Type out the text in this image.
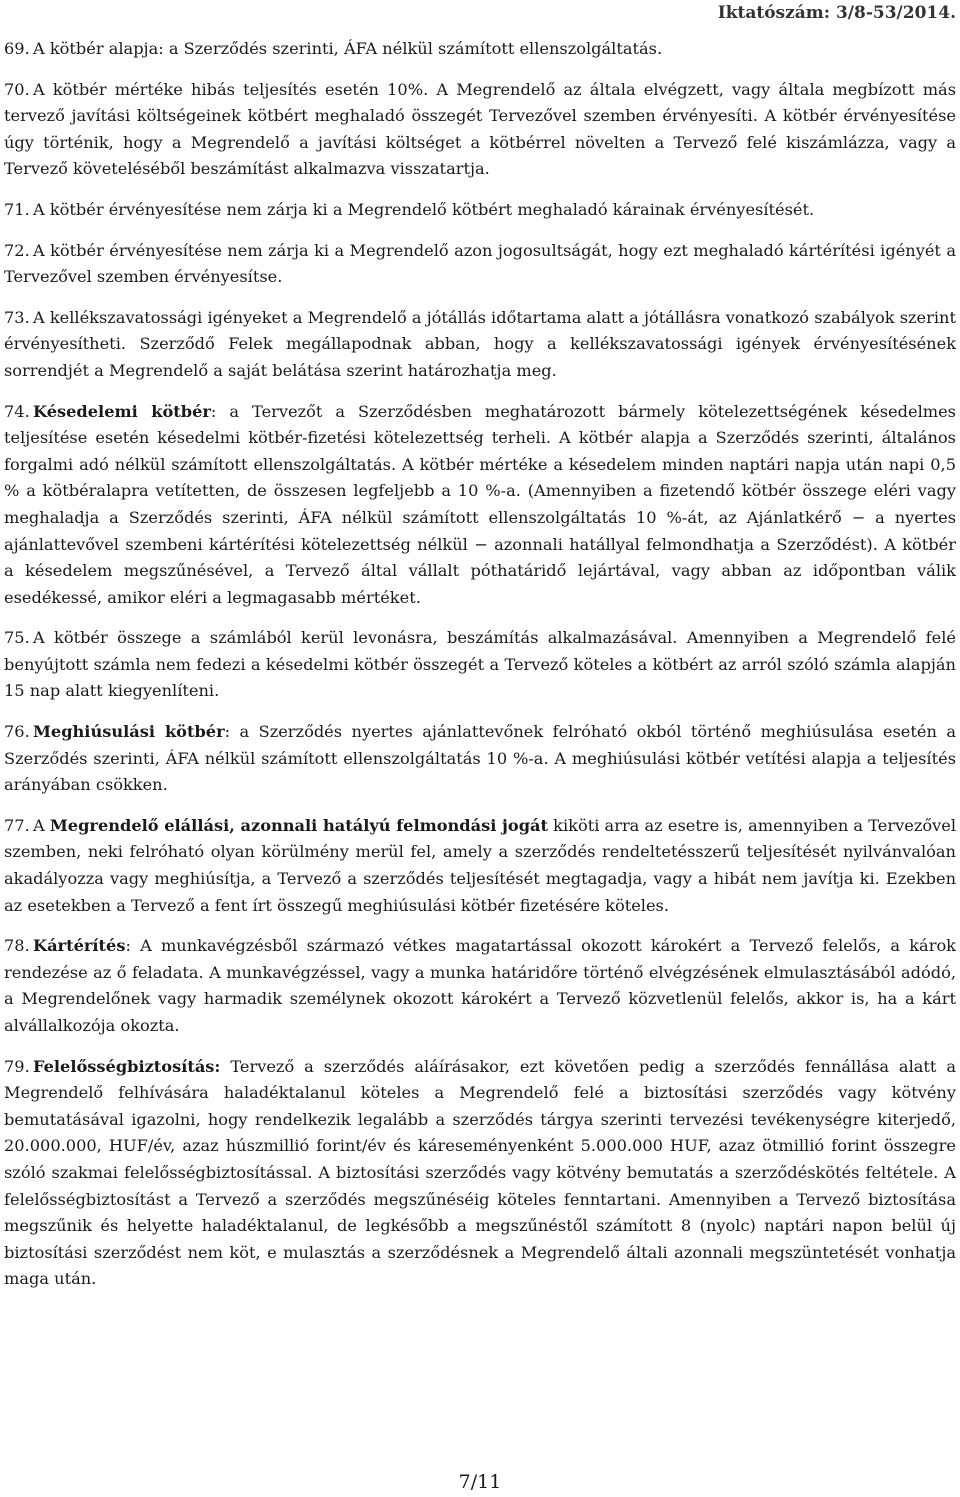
Iktatószám: 3/8-53/2014.

69. A kötbér alapja: a Szerződés szerinti, ÁFA nélkül számított ellenszolgáltatás.

70. A kötbér mértéke hibás teljesítés esetén 10%. A Megrendelő az általa elvégzett, vagy általa megbízott más tervező javítási költségeinek kötbért meghaladó összegét Tervezővel szemben érvényesíti. A kötbér érvényesítése úgy történik, hogy a Megrendelő a javítási költséget a kötbérrel növelten a Tervező felé kiszámlázza, vagy a Tervező követeléséből beszámítást alkalmazva visszatartja.

71. A kötbér érvényesítése nem zárja ki a Megrendelő kötbért meghaladó kárainak érvényesítését.

72. A kötbér érvényesítése nem zárja ki a Megrendelő azon jogosultságát, hogy ezt meghaladó kártérítési igényét a Tervezővel szemben érvényesítse.

73. A kellékszavatossági igényeket a Megrendelő a jótállás időtartama alatt a jótállásra vonatkozó szabályok szerint érvényesítheti. Szerződő Felek megállapodnak abban, hogy a kellékszavatossági igények érvényesítésének sorrendjét a Megrendelő a saját belátása szerint határozhatja meg.

74. Késedelemi kötbér: a Tervezőt a Szerződésben meghatározott bármely kötelezettségének késedelmes teljesítése esetén késedelmi kötbér-fizetési kötelezettség terheli. A kötbér alapja a Szerződés szerinti, általános forgalmi adó nélkül számított ellenszolgáltatás. A kötbér mértéke a késedelem minden naptári napja után napi 0,5 % a kötbéralapra vetítetten, de összesen legfeljebb a 10 %-a. (Amennyiben a fizetendő kötbér összege eléri vagy meghaladja a Szerződés szerinti, ÁFA nélkül számított ellenszolgáltatás 10 %-át, az Ajánlatkérő − a nyertes ajánlattevővel szembeni kártérítési kötelezettség nélkül − azonnali hatállyal felmondhatja a Szerződést). A kötbér a késedelem megszűnésével, a Tervező által vállalt póthatáridő lejártával, vagy abban az időpontban válik esedékessé, amikor eléri a legmagasabb mértéket.

75. A kötbér összege a számlából kerül levonásra, beszámítás alkalmazásával. Amennyiben a Megrendelő felé benyújtott számla nem fedezi a késedelmi kötbér összegét a Tervező köteles a kötbért az arról szóló számla alapján 15 nap alatt kiegyenlíteni.

76. Meghiúsulási kötbér: a Szerződés nyertes ajánlattevőnek felróható okból történő meghiúsulása esetén a Szerződés szerinti, ÁFA nélkül számított ellenszolgáltatás 10 %-a. A meghiúsulási kötbér vetítési alapja a teljesítés arányában csökken.

77. A Megrendelő elállási, azonnali hatályú felmondási jogát kiköti arra az esetre is, amennyiben a Tervezővel szemben, neki felróható olyan körülmény merül fel, amely a szerződés rendeltetésszerű teljesítését nyilvánvalóan akadályozza vagy meghiúsítja, a Tervező a szerződés teljesítését megtagadja, vagy a hibát nem javítja ki. Ezekben az esetekben a Tervező a fent írt összegű meghiúsulási kötbér fizetésére köteles.

78. Kártérítés: A munkavégzésből származó vétkes magatartással okozott károkért a Tervező felelős, a károk rendezése az ő feladata. A munkavégzéssel, vagy a munka határidőre történő elvégzésének elmulasztásából adódó, a Megrendelőnek vagy harmadik személynek okozott károkért a Tervező közvetlenül felelős, akkor is, ha a kárt alvállalkozója okozta.

79. Felelősségbiztosítás: Tervező a szerződés aláírásakor, ezt követően pedig a szerződés fennállása alatt a Megrendelő felhívására haladéktalanul köteles a Megrendelő felé a biztosítási szerződés vagy kötvény bemutatásával igazolni, hogy rendelkezik legalább a szerződés tárgya szerinti tervezési tevékenységre kiterjedő, 20.000.000, HUF/év, azaz húszmillió forint/év és káreseményenként 5.000.000 HUF, azaz ötmillió forint összegre szóló szakmai felelősségbiztosítással. A biztosítási szerződés vagy kötvény bemutatás a szerződéskötés feltétele. A felelősségbiztosítást a Tervező a szerződés megszűnéséig köteles fenntartani. Amennyiben a Tervező biztosítása megszűnik és helyette haladéktalanul, de legkésőbb a megszűnéstől számított 8 (nyolc) naptári napon belül új biztosítási szerződést nem köt, e mulasztás a szerződésnek a Megrendelő általi azonnali megszüntetését vonhatja maga után.

7/11
